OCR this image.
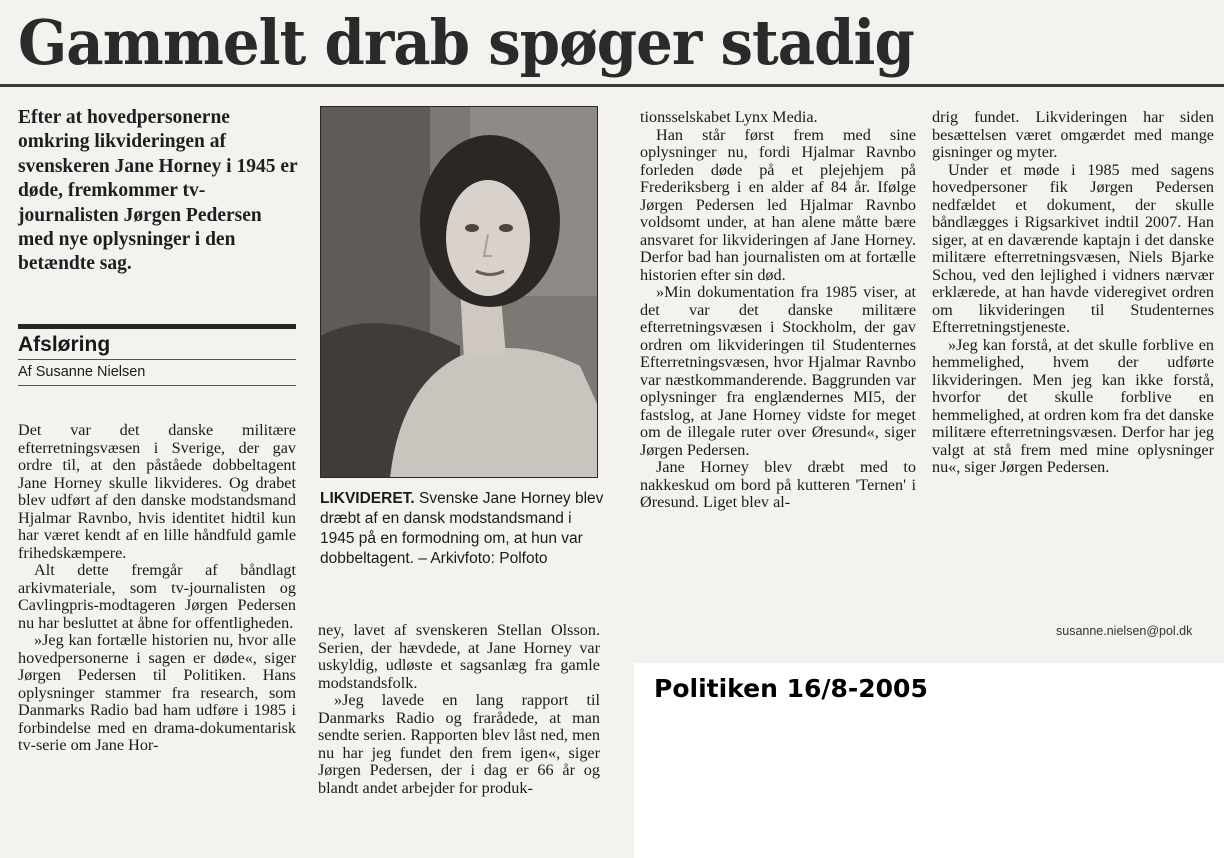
Gammelt drab spøger stadig
Efter at hovedpersonerne omkring likvideringen af svenskeren Jane Horney i 1945 er døde, fremkommer tv-journalisten Jørgen Pedersen med nye oplysninger i den betændte sag.
Afsløring
Af Susanne Nielsen

Det var det danske militære efterretningsvæsen i Sverige, der gav ordre til, at den påståede dobbeltagent Jane Horney skulle likvideres. Og drabet blev udført af den danske modstandsmand Hjalmar Ravnbo, hvis identitet hidtil kun har været kendt af en lille håndfuld gamle frihedskæmpere.

Alt dette fremgår af båndlagt arkivmateriale, som tv-journalisten og Cavlingpris-modtageren Jørgen Pedersen nu har besluttet at åbne for offentligheden.

»Jeg kan fortælle historien nu, hvor alle hovedpersonerne i sagen er døde«, siger Jørgen Pedersen til Politiken. Hans oplysninger stammer fra research, som Danmarks Radio bad ham udføre i 1985 i forbindelse med en drama-dokumentarisk tv-serie om Jane Hor-

LIKVIDERET. Svenske Jane Horney blev dræbt af en dansk modstandsmand i 1945 på en formodning om, at hun var dobbeltagent. – Arkivfoto: Polfoto

ney, lavet af svenskeren Stellan Olsson. Serien, der hævdede, at Jane Horney var uskyldig, udløste et sagsanlæg fra gamle modstandsfolk.

»Jeg lavede en lang rapport til Danmarks Radio og frarådede, at man sendte serien. Rapporten blev låst ned, men nu har jeg fundet den frem igen«, siger Jørgen Pedersen, der i dag er 66 år og blandt andet arbejder for produk-

tionsselskabet Lynx Media.

Han står først frem med sine oplysninger nu, fordi Hjalmar Ravnbo forleden døde på et plejehjem på Frederiksberg i en alder af 84 år. Ifølge Jørgen Pedersen led Hjalmar Ravnbo voldsomt under, at han alene måtte bære ansvaret for likvideringen af Jane Horney. Derfor bad han journalisten om at fortælle historien efter sin død.

»Min dokumentation fra 1985 viser, at det var det danske militære efterretningsvæsen i Stockholm, der gav ordren om likvideringen til Studenternes Efterretningsvæsen, hvor Hjalmar Ravnbo var næstkommanderende. Baggrunden var oplysninger fra englændernes MI5, der fastslog, at Jane Horney vidste for meget om de illegale ruter over Øresund«, siger Jørgen Pedersen.

Jane Horney blev dræbt med to nakkeskud om bord på kutteren 'Ternen' i Øresund. Liget blev al-

drig fundet. Likvideringen har siden besættelsen været omgærdet med mange gisninger og myter.

Under et møde i 1985 med sagens hovedpersoner fik Jørgen Pedersen nedfældet et dokument, der skulle båndlægges i Rigsarkivet indtil 2007. Han siger, at en daværende kaptajn i det danske militære efterretningsvæsen, Niels Bjarke Schou, ved den lejlighed i vidners nærvær erklærede, at han havde videregivet ordren om likvideringen til Studenternes Efterretningstjeneste.

»Jeg kan forstå, at det skulle forblive en hemmelighed, hvem der udførte likvideringen. Men jeg kan ikke forstå, hvorfor det skulle forblive en hemmelighed, at ordren kom fra det danske militære efterretningsvæsen. Derfor har jeg valgt at stå frem med mine oplysninger nu«, siger Jørgen Pedersen.

susanne.nielsen@pol.dk
Politiken 16/8-2005
